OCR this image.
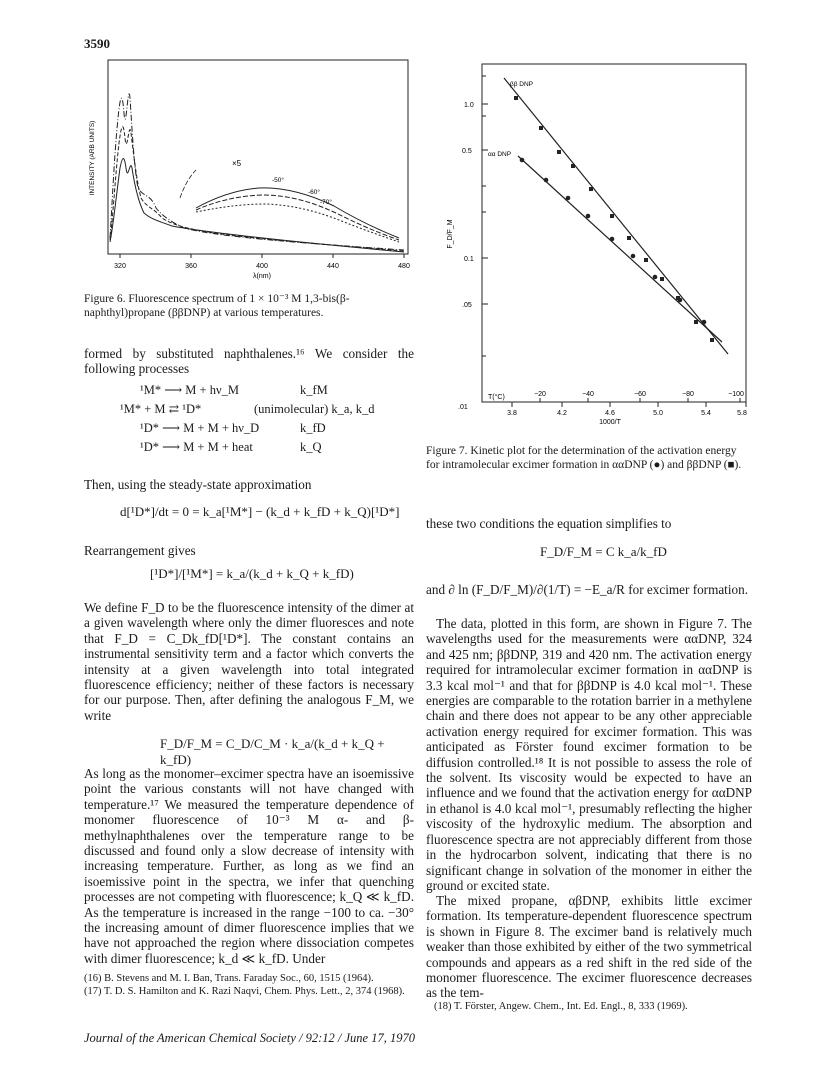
3590
INTENSITY (ARB UNITS)
320	360	400	440	480
λ(nm)
×5
-50°
-60°
-70°
Figure 6. Fluorescence spectrum of 1 × 10⁻³ M 1,3-bis(β-naphthyl)propane (ββDNP) at various temperatures.
1.0
0.5
0.1
.05
.01
F_D/F_M
T(°C)	−20	−40	−60	−80	−100
3.8	4.2	4.6	5.0	5.4	5.8
ββ DNP
αα DNP
1000/T
Figure 7. Kinetic plot for the determination of the activation energy for intramolecular excimer formation in ααDNP (●) and ββDNP (■).
formed by substituted naphthalenes.¹⁶ We consider the following processes
¹M* ⟶ M + hν_M	k_fM
¹M* + M ⇄ ¹D*	(unimolecular) k_a, k_d
¹D* ⟶ M + M + hν_D	k_fD
¹D* ⟶ M + M + heat	k_Q
Then, using the steady-state approximation
d[¹D*]/dt = 0 = k_a[¹M*] − (k_d + k_fD + k_Q)[¹D*]
Rearrangement gives
[¹D*]/[¹M*] = k_a/(k_d + k_Q + k_fD)
We define F_D to be the fluorescence intensity of the dimer at a given wavelength where only the dimer fluoresces and note that F_D = C_Dk_fD[¹D*]. The constant contains an instrumental sensitivity term and a factor which converts the intensity at a given wavelength into total integrated fluorescence efficiency; neither of these factors is necessary for our purpose. Then, after defining the analogous F_M, we write
F_D/F_M = C_D/C_M · k_a/(k_d + k_Q + k_fD)
As long as the monomer–excimer spectra have an isoemissive point the various constants will not have changed with temperature.¹⁷ We measured the temperature dependence of monomer fluorescence of 10⁻³ M α- and β-methylnaphthalenes over the temperature range to be discussed and found only a slow decrease of intensity with increasing temperature. Further, as long as we find an isoemissive point in the spectra, we infer that quenching processes are not competing with fluorescence; k_Q ≪ k_fD. As the temperature is increased in the range −100 to ca. −30° the increasing amount of dimer fluorescence implies that we have not approached the region where dissociation competes with dimer fluorescence; k_d ≪ k_fD. Under
(16) B. Stevens and M. I. Ban, Trans. Faraday Soc., 60, 1515 (1964).
(17) T. D. S. Hamilton and K. Razi Naqvi, Chem. Phys. Lett., 2, 374 (1968).
these two conditions the equation simplifies to
F_D/F_M = C k_a/k_fD
and ∂ ln (F_D/F_M)/∂(1/T) = −E_a/R for excimer formation.
The data, plotted in this form, are shown in Figure 7. The wavelengths used for the measurements were ααDNP, 324 and 425 nm; ββDNP, 319 and 420 nm. The activation energy required for intramolecular excimer formation in ααDNP is 3.3 kcal mol⁻¹ and that for ββDNP is 4.0 kcal mol⁻¹. These energies are comparable to the rotation barrier in a methylene chain and there does not appear to be any other appreciable activation energy required for excimer formation. This was anticipated as Förster found excimer formation to be diffusion controlled.¹⁸ It is not possible to assess the role of the solvent. Its viscosity would be expected to have an influence and we found that the activation energy for ααDNP in ethanol is 4.0 kcal mol⁻¹, presumably reflecting the higher viscosity of the hydroxylic medium. The absorption and fluorescence spectra are not appreciably different from those in the hydrocarbon solvent, indicating that there is no significant change in solvation of the monomer in either the ground or excited state.
The mixed propane, αβDNP, exhibits little excimer formation. Its temperature-dependent fluorescence spectrum is shown in Figure 8. The excimer band is relatively much weaker than those exhibited by either of the two symmetrical compounds and appears as a red shift in the red side of the monomer fluorescence. The excimer fluorescence decreases as the tem-
(18) T. Förster, Angew. Chem., Int. Ed. Engl., 8, 333 (1969).
Journal of the American Chemical Society / 92:12 / June 17, 1970
